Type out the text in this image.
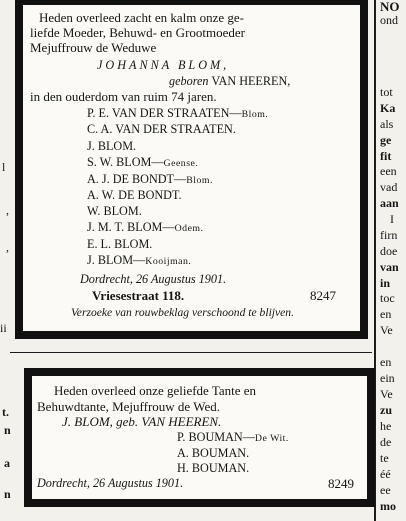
l
,
,
ii
t.
n
a
n
Heden overleed zacht en kalm onze ge-
liefde Moeder, Behuwd- en Grootmoeder
Mejuffrouw de Weduwe
JOHANNA BLOM,
geboren VAN HEEREN,
in den ouderdom van ruim 74 jaren.
P. E. VAN DER STRAATEN—Blom.
C. A. VAN DER STRAATEN.
J. BLOM.
S. W. BLOM—Geense.
A. J. DE BONDT—Blom.
A. W. DE BONDT.
W. BLOM.
J. M. T. BLOM—Odem.
E. L. BLOM.
J. BLOM—Kooijman.
Dordrecht, 26 Augustus 1901.
Vriesestraat 118.	8247
Verzoeke van rouwbeklag verschoond te blijven.
Heden overleed onze geliefde Tante en
Behuwdtante, Mejuffrouw de Wed.
J. BLOM, geb. VAN HEEREN.
P. BOUMAN—De Wit.
A. BOUMAN.
H. BOUMAN.
Dordrecht, 26 Augustus 1901.	8249
NO
ond
tot
Ka
als
ge
fit
een
vad
aan
I
firn
doe
van
in
toc
en
Ve
en
ein
Ve
zu
he
de
te
éé
ee
mo
